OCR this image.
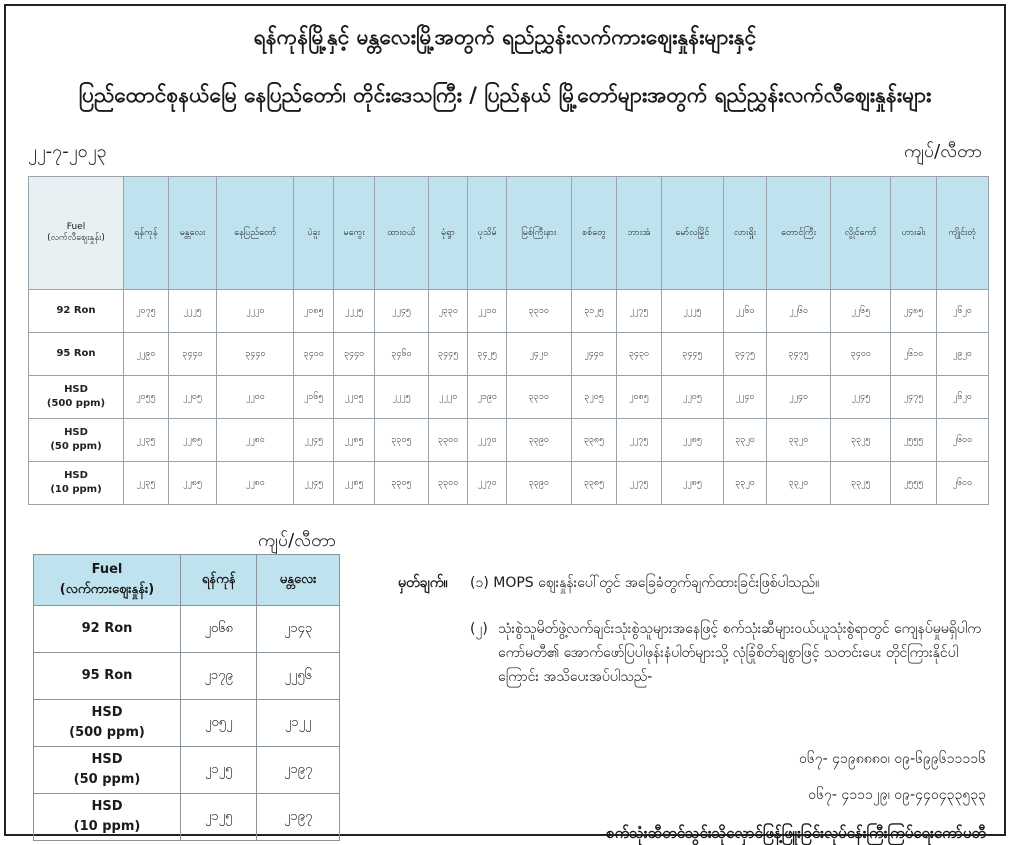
ရန်ကုန်မြို့နှင့် မန္တလေးမြို့အတွက် ရည်ညွှန်းလက်ကားဈေးနှုန်းများနှင့်
ပြည်ထောင်စုနယ်မြေ နေပြည်တော်၊ တိုင်းဒေသကြီး / ပြည်နယ် မြို့တော်များအတွက် ရည်ညွှန်းလက်လီဈေးနှုန်းများ
၂၂-၇-၂၀၂၃	ကျပ်/လီတာ
Fuel
(လက်လီဈေးနှုန်း)	ရန်ကုန်	မန္တလေး	နေပြည်တော်	ပဲခူး	မကွေး	ထားဝယ်	မုံရွာ	ပုသိမ်	မြစ်ကြီးနား	စစ်တွေ	ဘားအံ	မော်လမြိုင်	လားရှိုး	တောင်ကြီး	လွိုင်ကော်	ဟားခါး	ကျိုင်းတုံ

92 Ron	၂၀၇၅	၂၂၂၅	၂၂၂၀	၂၀၈၅	၂၂၂၅	၂၂၄၅	၂၃၃၀	၂၂၁၀	၃၃၁၀	၃၁၂၅	၂၂၇၅	၂၂၂၅	၂၂၆၀	၂၂၆၀	၂၂၆၅	၂၄၈၅	၂၆၂၀

95 Ron	၂၂၉၀	၃၄၄၀	၃၄၄၀	၃၄၀၀	၃၄၄၀	၃၄၆၀	၃၄၄၅	၃၄၂၅	၂၄၂၀	၂၄၄၀	၃၄၃၀	၃၄၄၅	၃၄၇၅	၃၄၇၅	၃၄၀၀	၂၆၁၀	၂၉၂၀

HSD
(500 ppm)	၂၀၅၅	၂၂၀၅	၂၂၀၀	၂၁၆၅	၂၂၀၅	၂၂၂၅	၂၂၂၀	၂၁၉၀	၃၃၁၀	၃၂၀၅	၂၀၈၅	၂၂၀၅	၂၂၄၀	၂၂၄၀	၂၂၄၅	၂၄၇၅	၂၆၂၀

HSD
(50 ppm)	၂၂၃၅	၂၂၈၅	၂၂၈၀	၂၂၄၅	၂၂၈၅	၃၃၀၅	၃၃၀၀	၂၂၇၀	၃၃၉၀	၃၃၈၅	၂၂၇၅	၂၂၈၅	၃၃၂၀	၃၃၂၀	၃၃၂၅	၂၅၅၅	၂၆၀၀

HSD
(10 ppm)	၂၂၃၅	၂၂၈၅	၂၂၈၀	၂၂၄၅	၂၂၈၅	၃၃၀၅	၃၃၀၀	၂၂၇၀	၃၃၉၀	၃၃၈၅	၂၂၇၅	၂၂၈၅	၃၃၂၀	၃၃၂၀	၃၃၂၅	၂၅၅၅	၂၆၀၀
ကျပ်/လီတာ
Fuel
(လက်ကားဈေးနှုန်း)	ရန်ကုန်	မန္တလေး

92 Ron	၂၀၆၈	၂၁၄၃

95 Ron	၂၁၇၉	၂၂၅၆

HSD
(500 ppm)	၂၀၅၂	၂၁၂၂

HSD
(50 ppm)	၂၁၂၅	၂၁၉၇

HSD
(10 ppm)	၂၁၂၅	၂၁၉၇
မှတ်ချက်။ (၁) MOPS ဈေးနှုန်းပေါ်တွင် အခြေခံတွက်ချက်ထားခြင်းဖြစ်ပါသည်။
(၂) သုံးစွဲသူမိတ်ဖွဲ့လက်ချင်းသုံးစွဲသူများအနေဖြင့် စက်သုံးဆီများဝယ်ယူသုံးစွဲရာတွင် ကျေနပ်မှုမရှိပါက ကော်မတီ၏ အောက်ဖော်ပြပါဖုန်းနံပါတ်များသို့ လုံခြုံစိတ်ချစွာဖြင့် သတင်းပေး တိုင်ကြားနိုင်ပါကြောင်း အသိပေးအပ်ပါသည်-
၀၆၇- ၄၁၉၈၈၈၀၊ ၀၉-၆၉၉၆၁၁၁၁၆
၀၆၇- ၄၁၁၁၂၉၊ ၀၉-၄၄၀၄၃၃၅၃၃
စက်သုံးဆီတင်သွင်းသိုလှောင်ဖြန့်ဖြူးခြင်းလုပ်ငန်းကြီးကြပ်ရေးကော်မတီ
